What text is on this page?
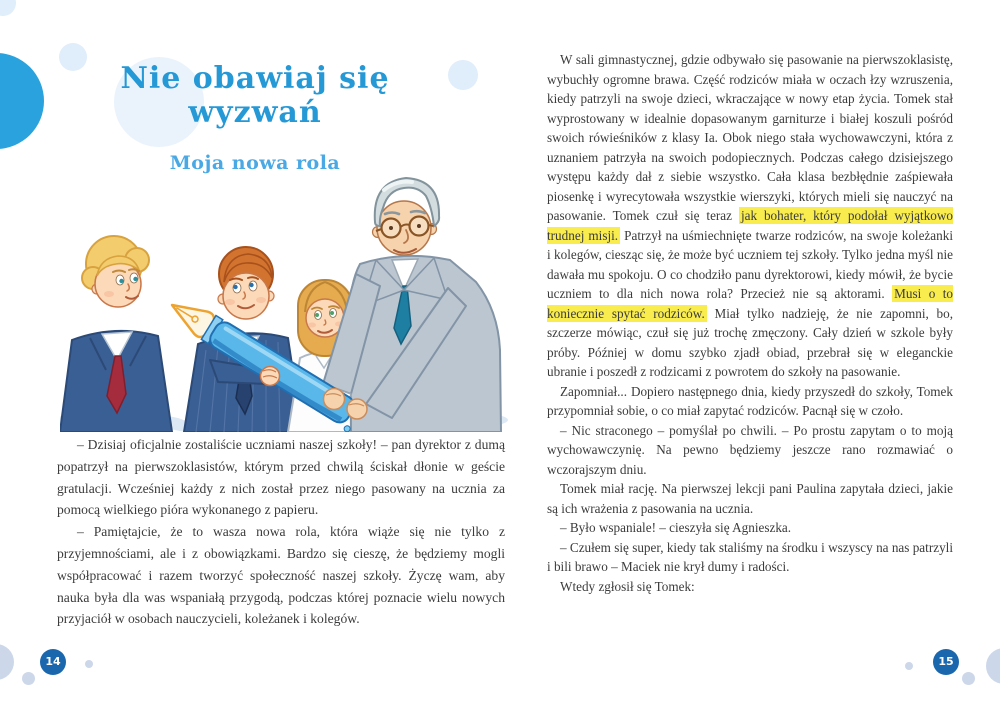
Nie obawiaj się
wyzwań
Moja nowa rola

– Dzisiaj oficjalnie zostaliście uczniami naszej szkoły! – pan dyrektor z dumą popatrzył na pierwszoklasistów, którym przed chwilą ściskał dłonie w geście gratulacji. Wcześniej każdy z nich został przez niego pasowany na ucznia za pomocą wielkiego pióra wykonanego z papieru.

– Pamiętajcie, że to wasza nowa rola, która wiąże się nie tylko z przyjemnościami, ale i z obowiązkami. Bardzo się cieszę, że będziemy mogli współpracować i razem tworzyć społeczność naszej szkoły. Życzę wam, aby nauka była dla was wspaniałą przygodą, podczas której poznacie wielu nowych przyjaciół w osobach nauczycieli, koleżanek i kolegów.

W sali gimnastycznej, gdzie odbywało się pasowanie na pierwszoklasistę, wybuchły ogromne brawa. Część rodziców miała w oczach łzy wzruszenia, kiedy patrzyli na swoje dzieci, wkraczające w nowy etap życia. Tomek stał wyprostowany w idealnie dopasowanym garniturze i białej koszuli pośród swoich rówieśników z klasy Ia. Obok niego stała wychowawczyni, która z uznaniem patrzyła na swoich podopiecznych. Podczas całego dzisiejszego występu każdy dał z siebie wszystko. Cała klasa bezbłędnie zaśpiewała piosenkę i wyrecytowała wszystkie wierszyki, których mieli się nauczyć na pasowanie. Tomek czuł się teraz jak bohater, który podołał wyjątkowo trudnej misji. Patrzył na uśmiechnięte twarze rodziców, na swoje koleżanki i kolegów, ciesząc się, że może być uczniem tej szkoły. Tylko jedna myśl nie dawała mu spokoju. O co chodziło panu dyrektorowi, kiedy mówił, że bycie uczniem to dla nich nowa rola? Przecież nie są aktorami. Musi o to koniecznie spytać rodziców. Miał tylko nadzieję, że nie zapomni, bo, szczerze mówiąc, czuł się już trochę zmęczony. Cały dzień w szkole były próby. Później w domu szybko zjadł obiad, przebrał się w eleganckie ubranie i poszedł z rodzicami z powrotem do szkoły na pasowanie.

Zapomniał... Dopiero następnego dnia, kiedy przyszedł do szkoły, Tomek przypomniał sobie, o co miał zapytać rodziców. Pacnął się w czoło.

– Nic straconego – pomyślał po chwili. – Po prostu zapytam o to moją wychowawczynię. Na pewno będziemy jeszcze rano rozmawiać o wczorajszym dniu.

Tomek miał rację. Na pierwszej lekcji pani Paulina zapytała dzieci, jakie są ich wrażenia z pasowania na ucznia.

– Było wspaniale! – cieszyła się Agnieszka.

– Czułem się super, kiedy tak staliśmy na środku i wszyscy na nas patrzyli i bili brawo – Maciek nie krył dumy i radości.

Wtedy zgłosił się Tomek:

14	15
